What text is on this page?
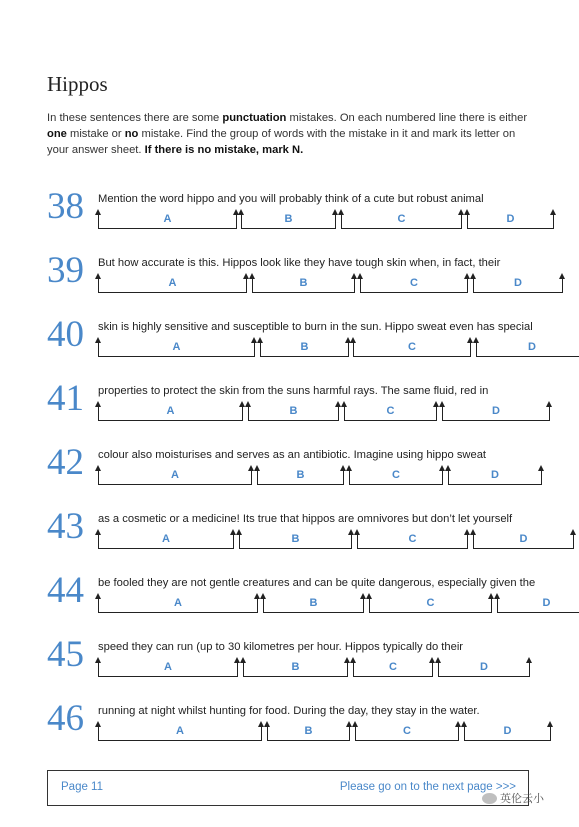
Hippos
In these sentences there are some punctuation mistakes. On each numbered line there is either one mistake or no mistake. Find the group of words with the mistake in it and mark its letter on your answer sheet. If there is no mistake, mark N.
38 Mention the word hippo and you will probably think of a cute but robust animal
A	B	C	D
39 But how accurate is this. Hippos look like they have tough skin when, in fact, their
A	B	C	D
40 skin is highly sensitive and susceptible to burn in the sun. Hippo sweat even has special
A	B	C	D
41 properties to protect the skin from the suns harmful rays. The same fluid, red in
A	B	C	D
42 colour also moisturises and serves as an antibiotic. Imagine using hippo sweat
A	B	C	D
43 as a cosmetic or a medicine! Its true that hippos are omnivores but don’t let yourself
A	B	C	D
44 be fooled they are not gentle creatures and can be quite dangerous, especially given the
A	B	C	D
45 speed they can run (up to 30 kilometres per hour. Hippos typically do their
A	B	C	D
46 running at night whilst hunting for food. During the day, they stay in the water.
A	B	C	D
Page 11	Please go on to the next page >>>
英伦云小
